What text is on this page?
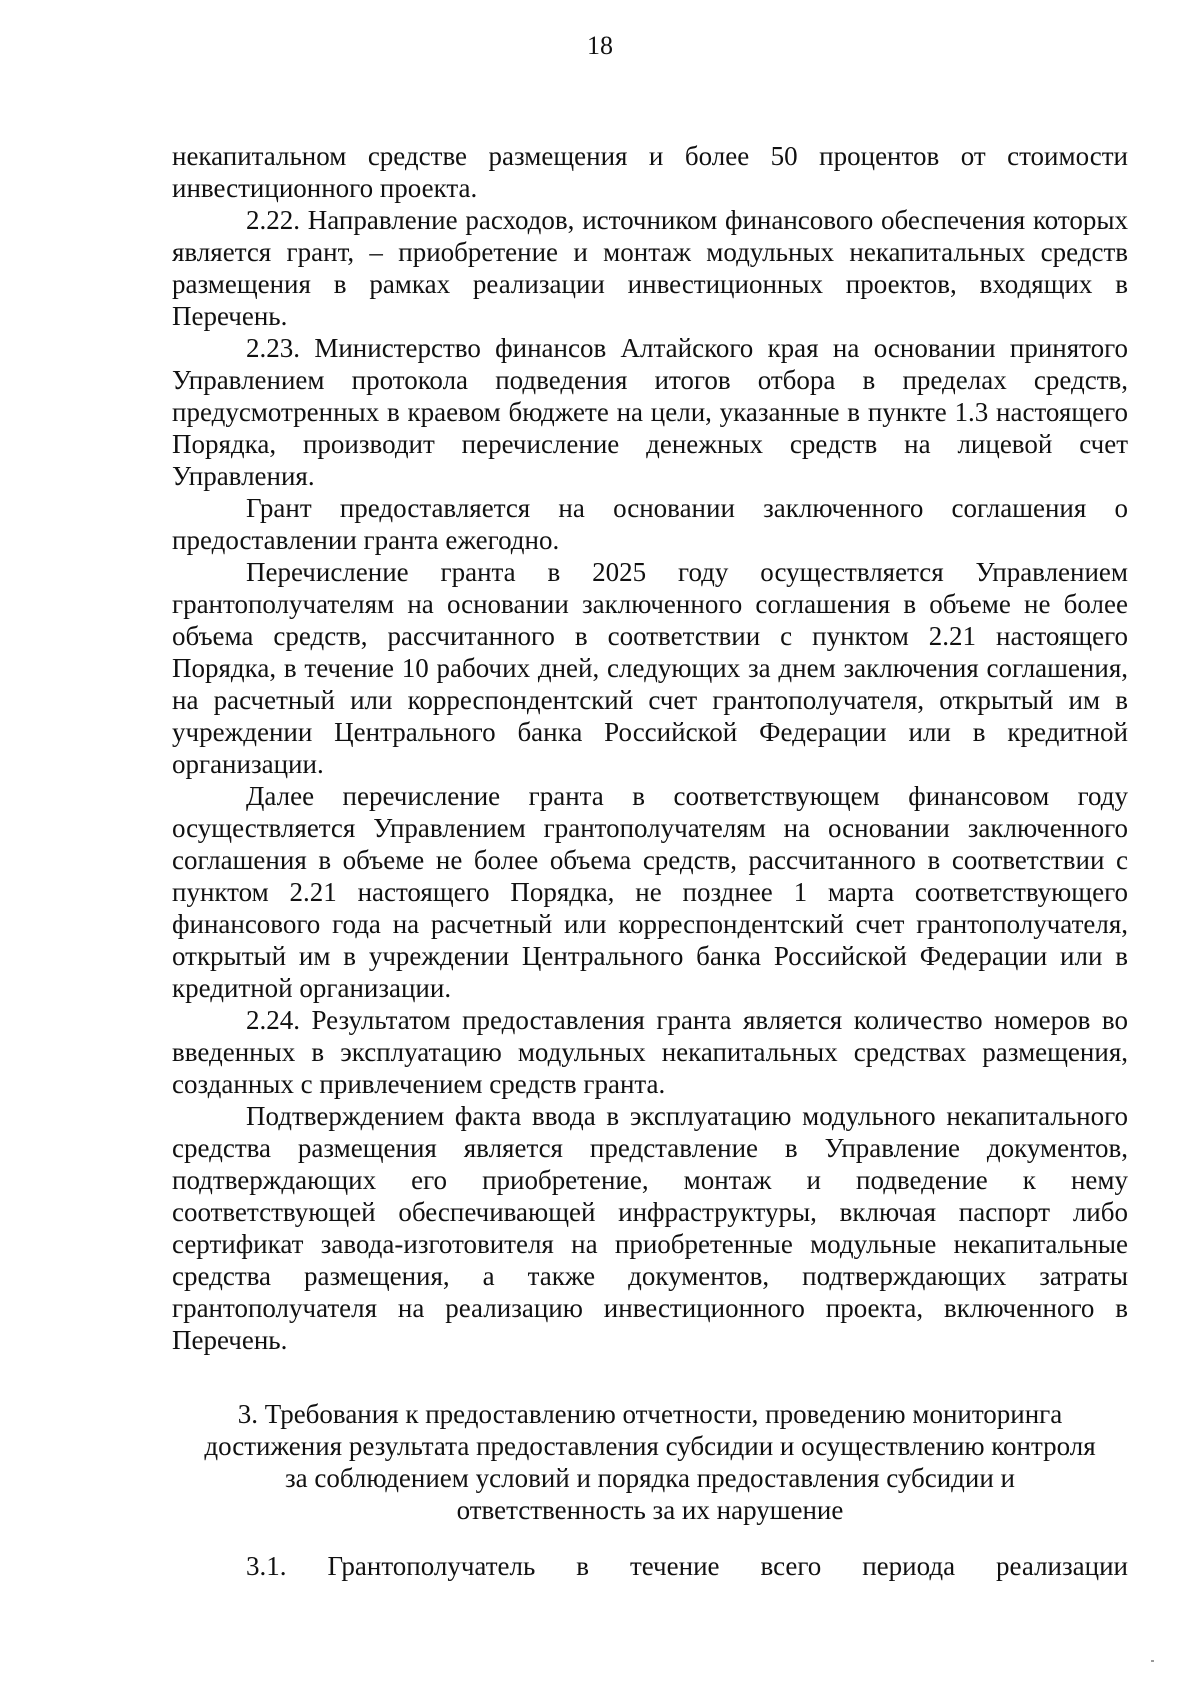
18

некапитальном средстве размещения и более 50 процентов от стоимости инвестиционного проекта.

2.22. Направление расходов, источником финансового обеспечения которых является грант, – приобретение и монтаж модульных некапитальных средств размещения в рамках реализации инвестиционных проектов, входящих в Перечень.

2.23. Министерство финансов Алтайского края на основании принятого Управлением протокола подведения итогов отбора в пределах средств, предусмотренных в краевом бюджете на цели, указанные в пункте 1.3 настоящего Порядка, производит перечисление денежных средств на лицевой счет Управления.

Грант предоставляется на основании заключенного соглашения о предоставлении гранта ежегодно.

Перечисление гранта в 2025 году осуществляется Управлением грантополучателям на основании заключенного соглашения в объеме не более объема средств, рассчитанного в соответствии с пунктом 2.21 настоящего Порядка, в течение 10 рабочих дней, следующих за днем заключения соглашения, на расчетный или корреспондентский счет грантополучателя, открытый им в учреждении Центрального банка Российской Федерации или в кредитной организации.

Далее перечисление гранта в соответствующем финансовом году осуществляется Управлением грантополучателям на основании заключенного соглашения в объеме не более объема средств, рассчитанного в соответствии с пунктом 2.21 настоящего Порядка, не позднее 1 марта соответствующего финансового года на расчетный или корреспондентский счет грантополучателя, открытый им в учреждении Центрального банка Российской Федерации или в кредитной организации.

2.24. Результатом предоставления гранта является количество номеров во введенных в эксплуатацию модульных некапитальных средствах размещения, созданных с привлечением средств гранта.

Подтверждением факта ввода в эксплуатацию модульного некапитального средства размещения является представление в Управление документов, подтверждающих его приобретение, монтаж и подведение к нему соответствующей обеспечивающей инфраструктуры, включая паспорт либо сертификат завода-изготовителя на приобретенные модульные некапитальные средства размещения, а также документов, подтверждающих затраты грантополучателя на реализацию инвестиционного проекта, включенного в Перечень.

3. Требования к предоставлению отчетности, проведению мониторинга
достижения результата предоставления субсидии и осуществлению контроля
за соблюдением условий и порядка предоставления субсидии и
ответственность за их нарушение
3.1. Грантополучатель в течение всего периода реализации
